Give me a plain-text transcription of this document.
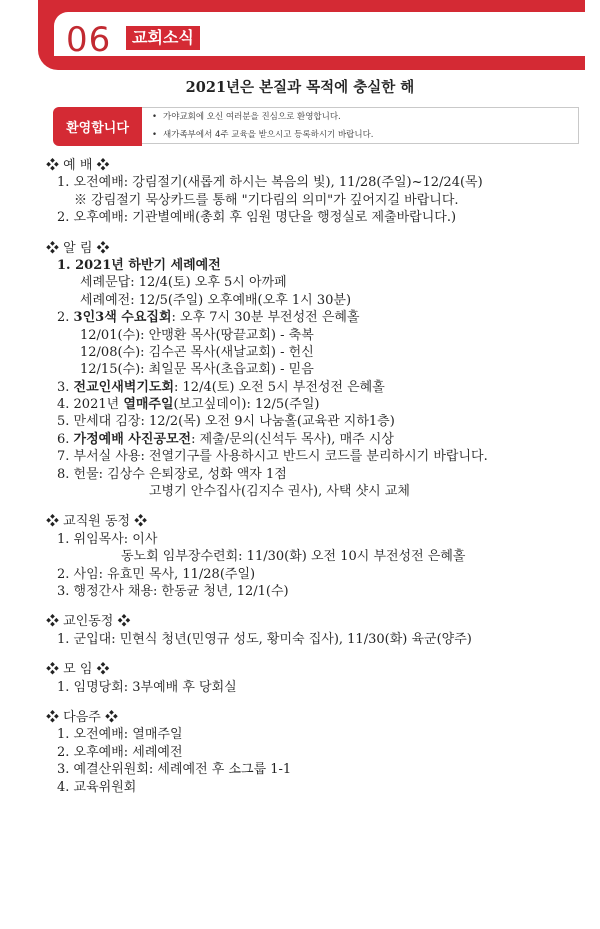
06	교회소식
2021년은 본질과 목적에 충실한 해
환영합니다
• 가야교회에 오신 여러분을 진심으로 환영합니다.
• 새가족부에서 4주 교육을 받으시고 등록하시기 바랍니다.
❖ 예 배 ❖
1. 오전예배: 강림절기(새롭게 하시는 복음의 빛), 11/28(주일)~12/24(목)
※ 강림절기 묵상카드를 통해 "기다림의 의미"가 깊어지길 바랍니다.
2. 오후예배: 기관별예배(총회 후 임원 명단을 행정실로 제출바랍니다.)
❖ 알 림 ❖
1. 2021년 하반기 세례예전
세례문답: 12/4(토) 오후 5시 아까페
세례예전: 12/5(주일) 오후예배(오후 1시 30분)
2. 3인3색 수요집회: 오후 7시 30분 부전성전 은혜홀
12/01(수): 안맹환 목사(땅끝교회) - 축복
12/08(수): 김수곤 목사(새날교회) - 헌신
12/15(수): 최일문 목사(초읍교회) - 믿음
3. 전교인새벽기도회: 12/4(토) 오전 5시 부전성전 은혜홀
4. 2021년 열매주일(보고싶데이): 12/5(주일)
5. 만세대 김장: 12/2(목) 오전 9시 나눔홀(교육관 지하1층)
6. 가정예배 사진공모전: 제출/문의(신석두 목사), 매주 시상
7. 부서실 사용: 전열기구를 사용하시고 반드시 코드를 분리하시기 바랍니다.
8. 헌물: 김상수 은퇴장로, 성화 액자 1점
고병기 안수집사(김지수 권사), 사택 샷시 교체
❖ 교직원 동정 ❖
1. 위임목사: 이사
동노회 임부장수련회: 11/30(화) 오전 10시 부전성전 은혜홀
2. 사임: 유효민 목사, 11/28(주일)
3. 행정간사 채용: 한동균 청년, 12/1(수)
❖ 교인동정 ❖
1. 군입대: 민현식 청년(민영규 성도, 황미숙 집사), 11/30(화) 육군(양주)
❖ 모 임 ❖
1. 임명당회: 3부예배 후 당회실
❖ 다음주 ❖
1. 오전예배: 열매주일
2. 오후예배: 세례예전
3. 예결산위원회: 세례예전 후 소그룹 1-1
4. 교육위원회
